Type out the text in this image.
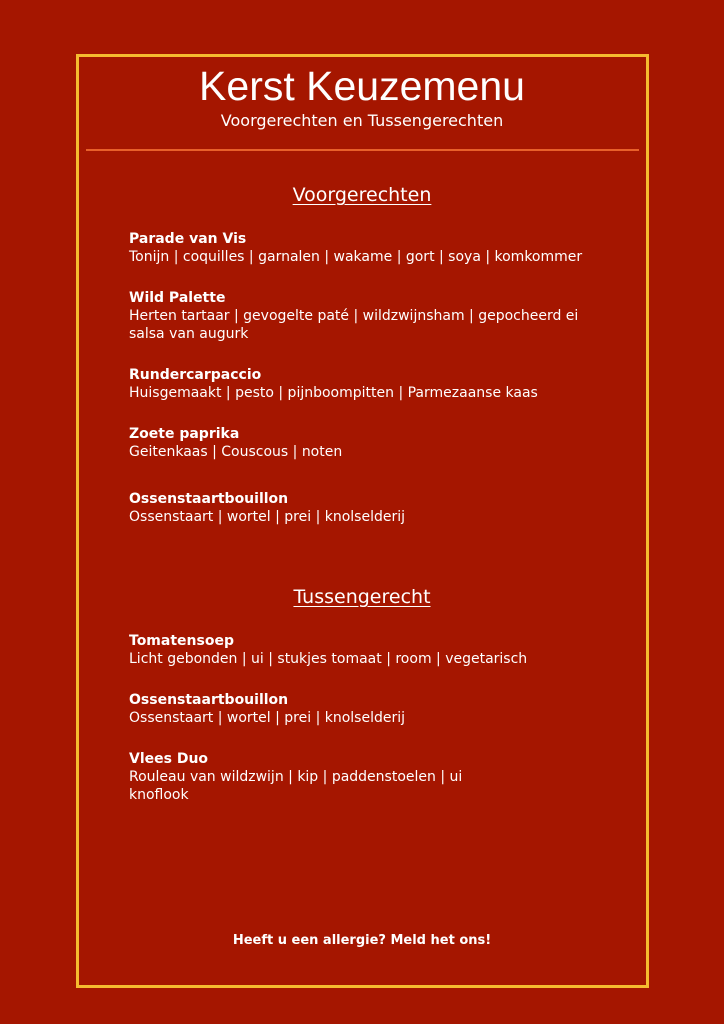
Kerst Keuzemenu
Voorgerechten en Tussengerechten
Voorgerechten
Parade van Vis
Tonijn | coquilles | garnalen | wakame | gort | soya | komkommer
Wild Palette
Herten tartaar | gevogelte paté | wildzwijnsham | gepocheerd ei salsa van augurk
Rundercarpaccio
Huisgemaakt | pesto | pijnboompitten | Parmezaanse kaas
Zoete paprika
Geitenkaas | Couscous | noten
Ossenstaartbouillon
Ossenstaart | wortel | prei | knolselderij
Tussengerecht
Tomatensoep
Licht gebonden | ui | stukjes tomaat | room | vegetarisch
Ossenstaartbouillon
Ossenstaart | wortel | prei | knolselderij
Vlees Duo
Rouleau van wildzwijn | kip | paddenstoelen | ui knoflook
Heeft u een allergie? Meld het ons!
